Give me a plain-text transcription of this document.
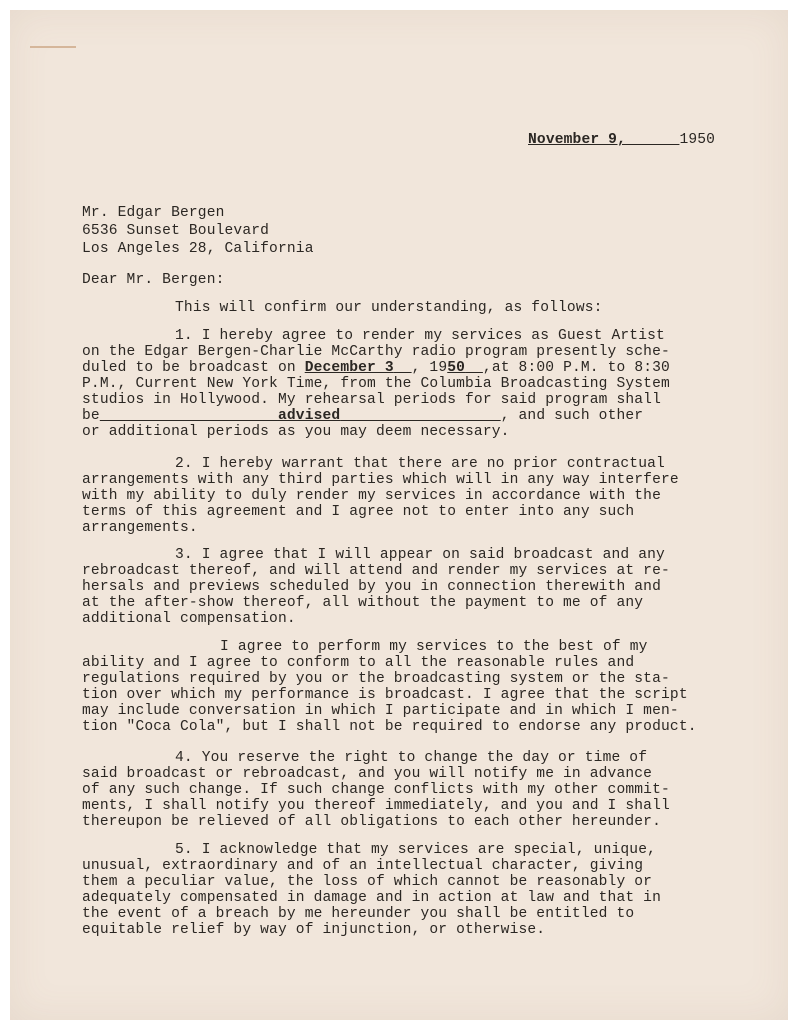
November 9,	1950
Mr. Edgar Bergen
6536 Sunset Boulevard
Los Angeles 28, California
Dear Mr. Bergen:
This will confirm our understanding, as follows:
1. I hereby agree to render my services as Guest Artist
on the Edgar Bergen-Charlie McCarthy radio program presently sche-
duled to be broadcast on December 3 , 1950 ,at 8:00 P.M. to 8:30
P.M., Current New York Time, from the Columbia Broadcasting System
studios in Hollywood. My rehearsal periods for said program shall
be	advised	, and such other
or additional periods as you may deem necessary.
2. I hereby warrant that there are no prior contractual
arrangements with any third parties which will in any way interfere
with my ability to duly render my services in accordance with the
terms of this agreement and I agree not to enter into any such
arrangements.
3. I agree that I will appear on said broadcast and any
rebroadcast thereof, and will attend and render my services at re-
hersals and previews scheduled by you in connection therewith and
at the after-show thereof, all without the payment to me of any
additional compensation.
I agree to perform my services to the best of my
ability and I agree to conform to all the reasonable rules and
regulations required by you or the broadcasting system or the sta-
tion over which my performance is broadcast. I agree that the script
may include conversation in which I participate and in which I men-
tion "Coca Cola", but I shall not be required to endorse any product.
4. You reserve the right to change the day or time of
said broadcast or rebroadcast, and you will notify me in advance
of any such change. If such change conflicts with my other commit-
ments, I shall notify you thereof immediately, and you and I shall
thereupon be relieved of all obligations to each other hereunder.
5. I acknowledge that my services are special, unique,
unusual, extraordinary and of an intellectual character, giving
them a peculiar value, the loss of which cannot be reasonably or
adequately compensated in damage and in action at law and that in
the event of a breach by me hereunder you shall be entitled to
equitable relief by way of injunction, or otherwise.
